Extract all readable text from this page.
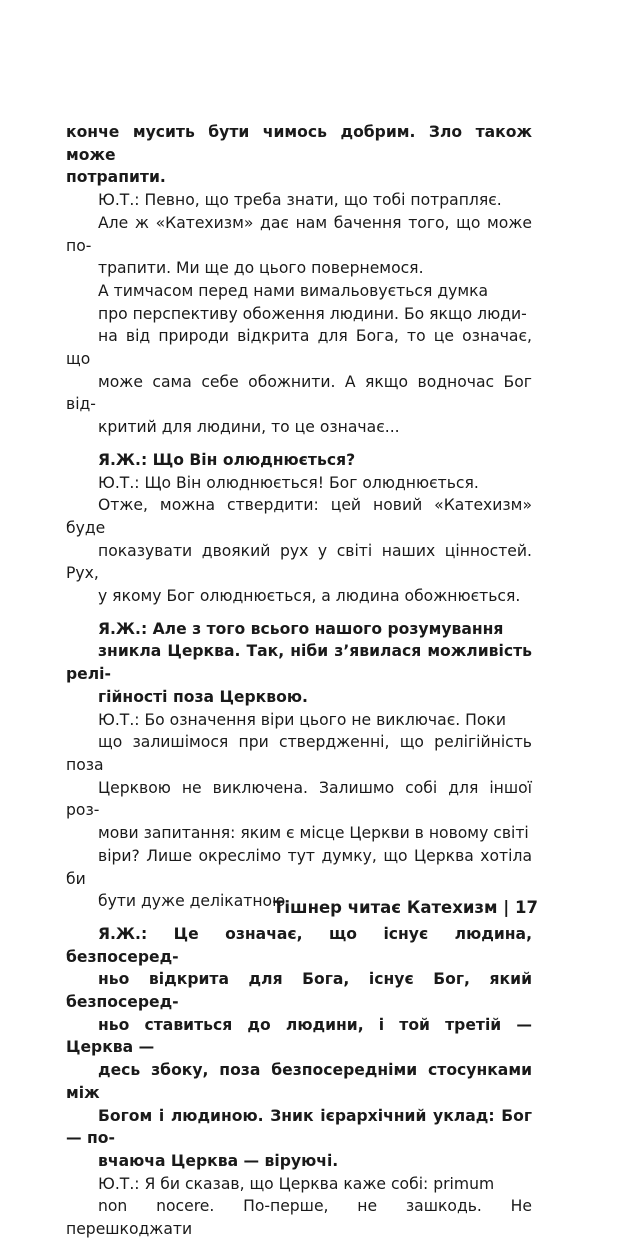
конче мусить бути чимось добрим. Зло також може
потрапити.

Ю.Т.: Певно, що треба знати, що тобі потрапляє.
Але ж «Катехизм» дає нам бачення того, що може по-
трапити. Ми ще до цього повернемося.

А тимчасом перед нами вимальовується думка
про перспективу обоження людини. Бо якщо люди-
на від природи відкрита для Бога, то це означає, що
може сама себе обожнити. А якщо водночас Бог від-
критий для людини, то це означає...

Я.Ж.: Що Він олюднюється?

Ю.Т.: Що Він олюднюється! Бог олюднюється.
Отже, можна ствердити: цей новий «Катехизм» буде
показувати двоякий рух у світі наших цінностей. Рух,
у якому Бог олюднюється, а людина обожнюється.

Я.Ж.: Але з того всього нашого розумування
зникла Церква. Так, ніби з’явилася можливість релі-
гійності поза Церквою.

Ю.Т.: Бо означення віри цього не виключає. Поки
що залишімося при ствердженні, що релігійність поза
Церквою не виключена. Залишмо собі для іншої роз-
мови запитання: яким є місце Церкви в новому світі
віри? Лише окреслімо тут думку, що Церква хотіла би
бути дуже делікатною.

Я.Ж.: Це означає, що існує людина, безпосеред-
ньо відкрита для Бога, існує Бог, який безпосеред-
ньо ставиться до людини, і той третій — Церква —
десь збоку, поза безпосередніми стосунками між
Богом і людиною. Зник ієрархічний уклад: Бог — по-
вчаюча Церква — віруючі.

Ю.Т.: Я би сказав, що Церква каже собі: primum
non nocere. По-перше, не зашкодь. Не перешкоджати

Тішнер читає Катехизм | 17
